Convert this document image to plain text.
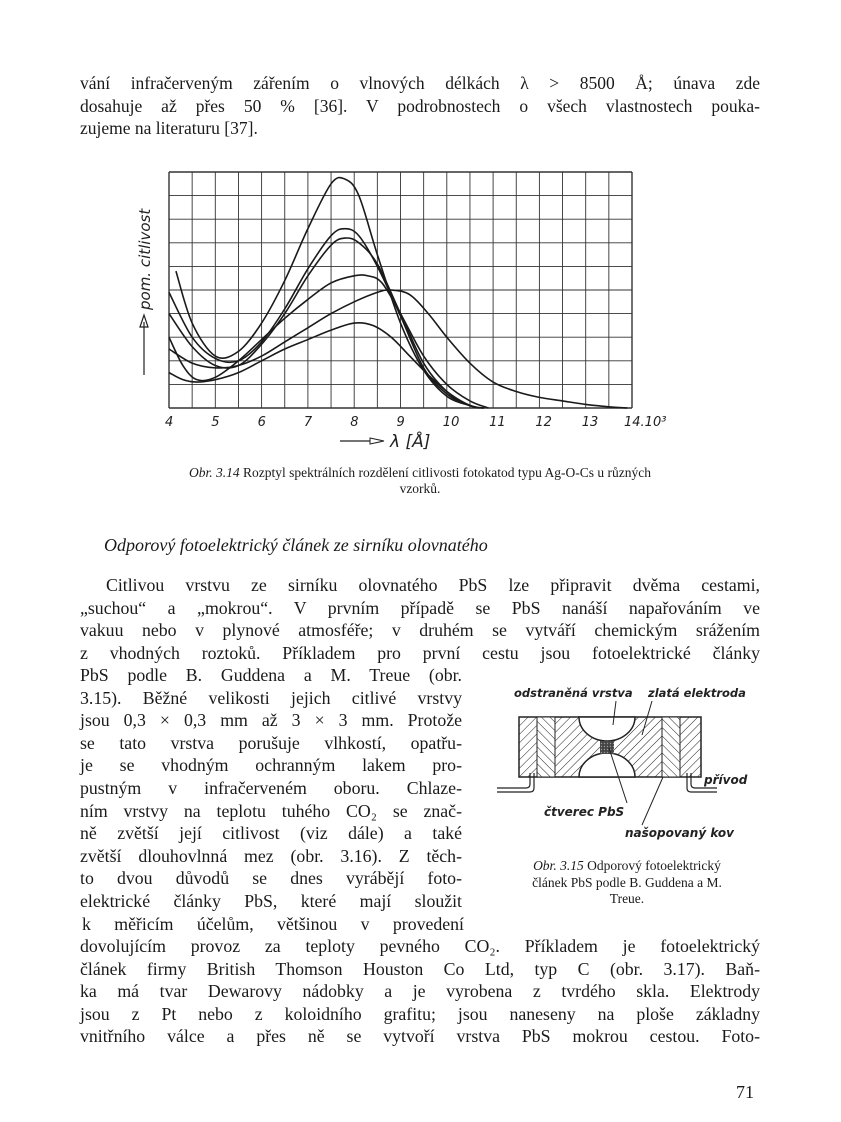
vání infračerveným zářením o vlnových délkách λ > 8500 Å; únava zde
dosahuje až přes 50 % [36]. V podrobnostech o všech vlastnostech pouka-
zujeme na literaturu [37].
4	5	6	7	8	9	10 11 12 13 14.10³
pom. citlivost
λ [Å]
Obr. 3.14 Rozptyl spektrálních rozdělení citlivosti fotokatod typu Ag-O-Cs u různých
vzorků.
Odporový fotoelektrický článek ze sirníku olovnatého
Citlivou vrstvu ze sirníku olovnatého PbS lze připravit dvěma cestami,
„suchou“ a „mokrou“. V prvním případě se PbS nanáší napařováním ve
vakuu nebo v plynové atmosféře; v druhém se vytváří chemickým srážením
z vhodných roztoků. Příkladem pro první cestu jsou fotoelektrické články
PbS podle B. Guddena a M. Treue (obr.
3.15). Běžné velikosti jejich citlivé vrstvy
jsou 0,3 × 0,3 mm až 3 × 3 mm. Protože
se tato vrstva porušuje vlhkostí, opatřu-
je se vhodným ochranným lakem pro-
pustným v infračerveném oboru. Chlaze-
ním vrstvy na teplotu tuhého CO₂ se znač-
ně zvětší její citlivost (viz dále) a také
zvětší dlouhovlnná mez (obr. 3.16). Z těch-
to dvou důvodů se dnes vyrábějí foto-
elektrické články PbS, které mají sloužit
k měřicím účelům, většinou v provedení
dovolujícím provoz za teploty pevného CO₂. Příkladem je fotoelektrický
článek firmy British Thomson Houston Co Ltd, typ C (obr. 3.17). Baň-
ka má tvar Dewarovy nádobky a je vyrobena z tvrdého skla. Elektrody
jsou z Pt nebo z koloidního grafitu; jsou naneseny na ploše základny
vnitřního válce a přes ně se vytvoří vrstva PbS mokrou cestou. Foto-
odstraněná vrstva zlatá elektroda
přívod
čtverec PbS
našopovaný kov
Obr. 3.15 Odporový fotoelektrický
článek PbS podle B. Guddena a M.
Treue.
71
